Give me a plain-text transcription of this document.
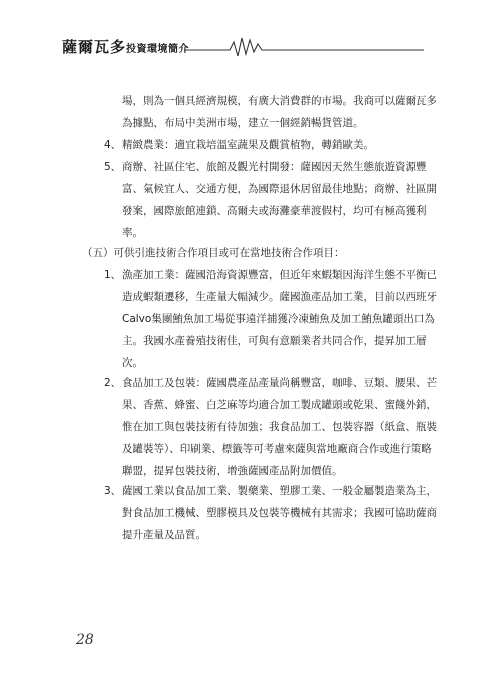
薩爾瓦多投資環境簡介
場，則為一個具經濟規模，有廣大消費群的市場。我商可以薩爾瓦多
為據點，布局中美洲市場，建立一個經銷暢貨管道。
4、 精緻農業：適宜栽培溫室蔬果及觀賞植物，轉銷歐美。
5、 商辦、社區住宅、旅館及觀光村開發：薩國因天然生態旅遊資源豐
富、氣候宜人、交通方便，為國際退休居留最佳地點；商辦、社區開
發案，國際旅館連鎖、高爾夫或海灘豪華渡假村，均可有極高獲利
率。
（五）可供引進技術合作項目或可在當地技術合作項目：
1、 漁產加工業：薩國沿海資源豐富，但近年來蝦類因海洋生態不平衡已
造成蝦類遷移，生產量大幅減少。薩國漁產品加工業，目前以西班牙
Calvo集團鮪魚加工場從事遠洋捕獲冷凍鮪魚及加工鮪魚罐頭出口為
主。我國水產養殖技術佳，可與有意願業者共同合作，提昇加工層
次。
2、 食品加工及包裝：薩國農產品產量尚稱豐富，咖啡、豆類、腰果、芒
果、香蕉、蜂蜜、白芝麻等均適合加工製成罐頭或乾果、蜜餞外銷，
惟在加工與包裝技術有待加強；我食品加工、包裝容器（紙盒、瓶裝
及罐裝等）、印刷業、標籤等可考慮來薩與當地廠商合作或進行策略
聯盟，提昇包裝技術，增強薩國產品附加價值。
3、 薩國工業以食品加工業、製藥業、塑膠工業、一般金屬製造業為主，
對食品加工機械、塑膠模具及包裝等機械有其需求；我國可協助薩商
提升產量及品質。
28
